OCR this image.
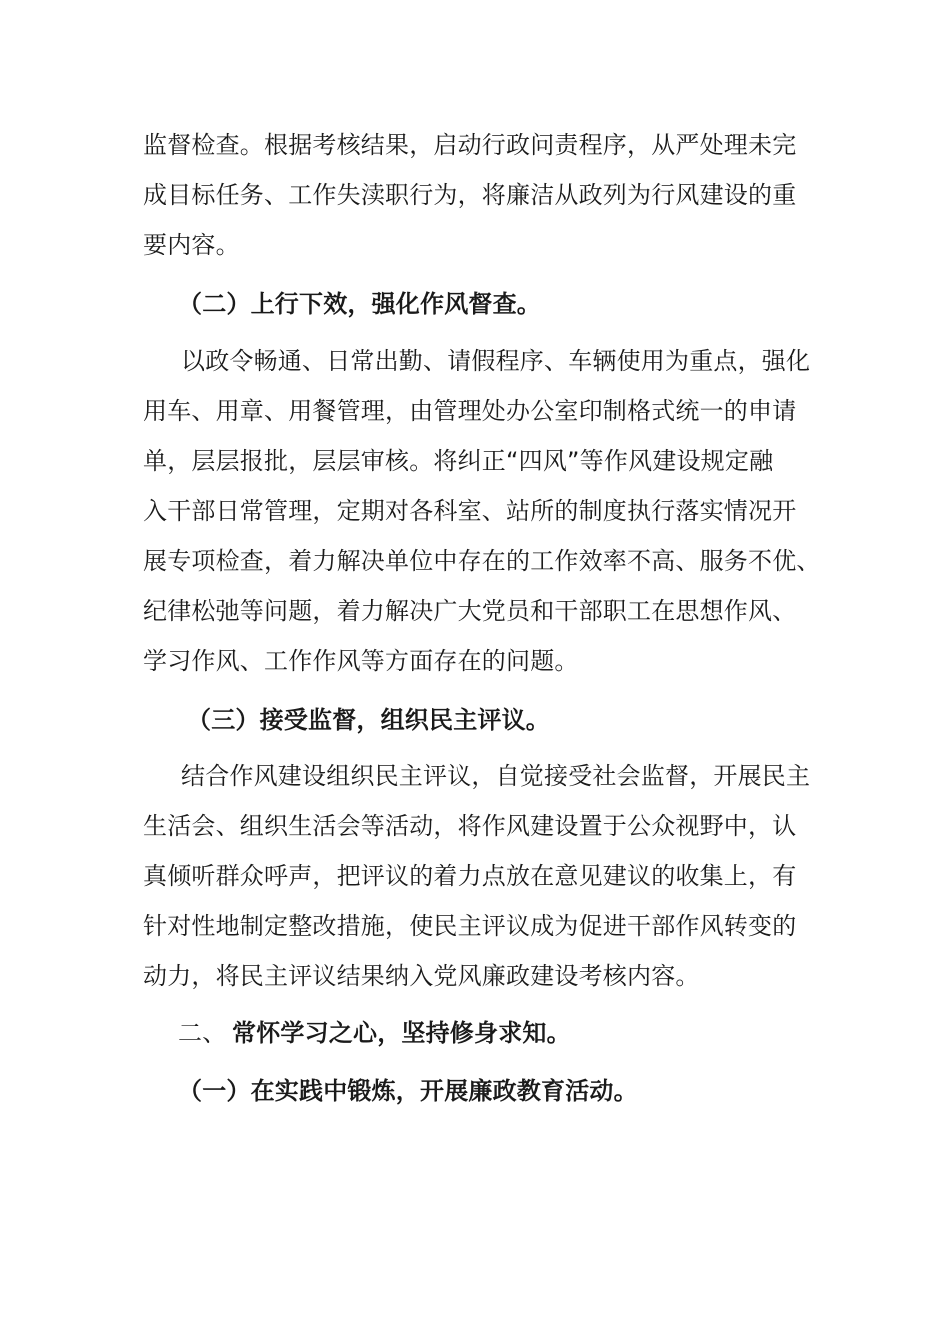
监督检查。根据考核结果，启动行政问责程序，从严处理未完
成目标任务、工作失渎职行为，将廉洁从政列为行风建设的重
要内容。
（二）上行下效，强化作风督查。
以政令畅通、日常出勤、请假程序、车辆使用为重点，强化
用车、用章、用餐管理，由管理处办公室印制格式统一的申请
单，层层报批，层层审核。将纠正“四风”等作风建设规定融
入干部日常管理，定期对各科室、站所的制度执行落实情况开
展专项检查，着力解决单位中存在的工作效率不高、服务不优、
纪律松弛等问题，着力解决广大党员和干部职工在思想作风、
学习作风、工作作风等方面存在的问题。
（三）接受监督，组织民主评议。
结合作风建设组织民主评议，自觉接受社会监督，开展民主
生活会、组织生活会等活动，将作风建设置于公众视野中，认
真倾听群众呼声，把评议的着力点放在意见建议的收集上，有
针对性地制定整改措施，使民主评议成为促进干部作风转变的
动力，将民主评议结果纳入党风廉政建设考核内容。
二、 常怀学习之心，坚持修身求知。
（一）在实践中锻炼，开展廉政教育活动。
